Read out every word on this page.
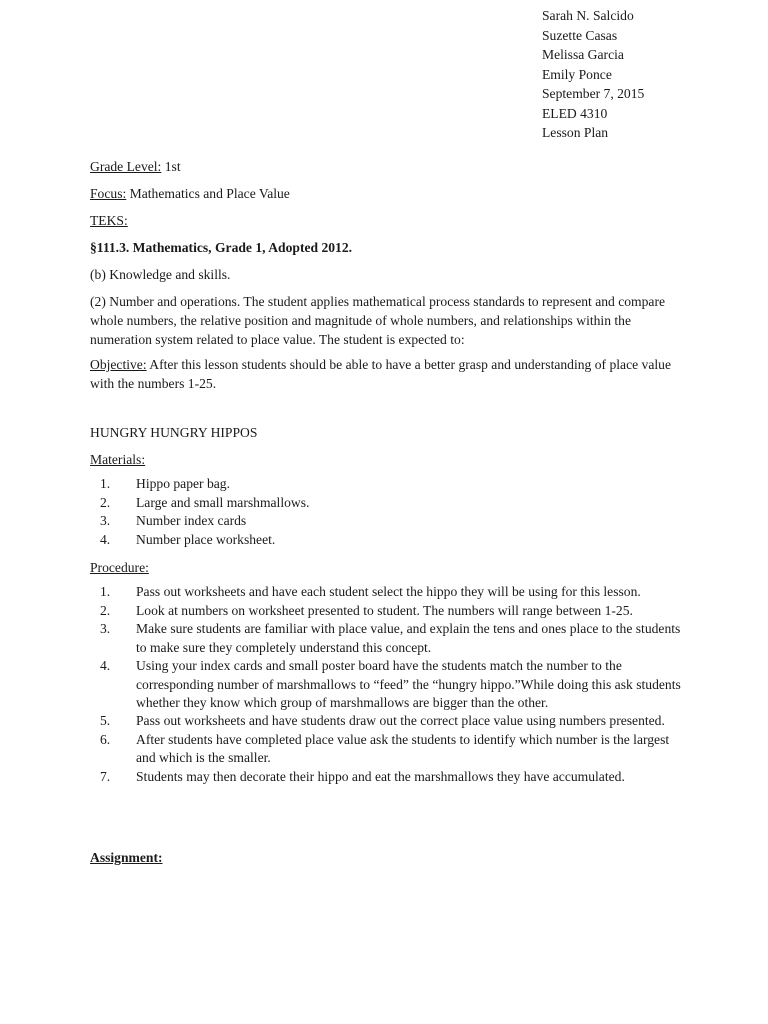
Sarah N. Salcido
Suzette Casas
Melissa Garcia
Emily Ponce
September 7, 2015
ELED 4310
Lesson Plan

Grade Level: 1st

Focus: Mathematics and Place Value

TEKS:

§111.3. Mathematics, Grade 1, Adopted 2012.

(b) Knowledge and skills.

(2) Number and operations. The student applies mathematical process standards to represent and compare whole numbers, the relative position and magnitude of whole numbers, and relationships within the numeration system related to place value. The student is expected to:

Objective: After this lesson students should be able to have a better grasp and understanding of place value with the numbers 1-25.

HUNGRY HUNGRY HIPPOS

Materials:

1. Hippo paper bag.
2. Large and small marshmallows.
3. Number index cards
4. Number place worksheet.

Procedure:

1. Pass out worksheets and have each student select the hippo they will be using for this lesson.
2. Look at numbers on worksheet presented to student. The numbers will range between 1-25.
3. Make sure students are familiar with place value, and explain the tens and ones place to the students to make sure they completely understand this concept.
4. Using your index cards and small poster board have the students match the number to the corresponding number of marshmallows to “feed” the “hungry hippo.”While doing this ask students whether they know which group of marshmallows are bigger than the other.
5. Pass out worksheets and have students draw out the correct place value using numbers presented.
6. After students have completed place value ask the students to identify which number is the largest and which is the smaller.
7. Students may then decorate their hippo and eat the marshmallows they have accumulated.

Assignment:
